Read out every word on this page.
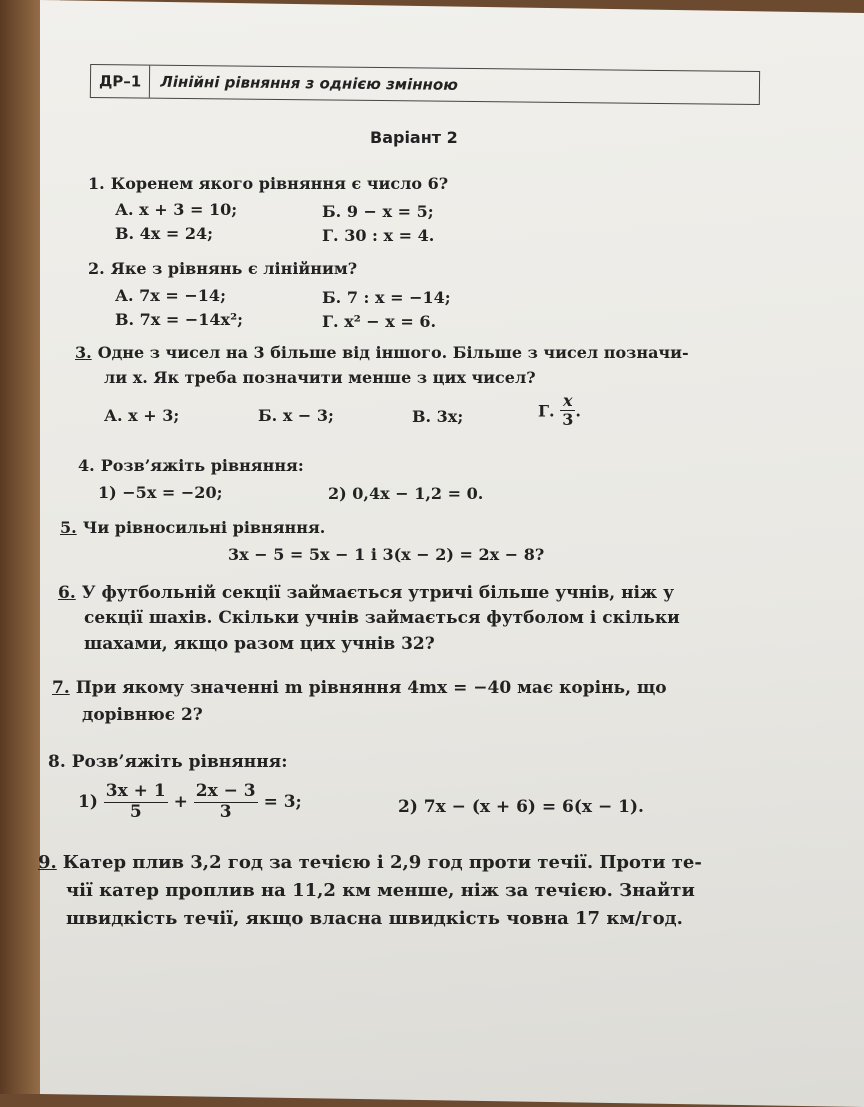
ДР–1	Лінійні рівняння з однією змінною
Варіант 2
1. Коренем якого рівняння є число 6?
А. x + 3 = 10;	Б. 9 − x = 5;
В. 4x = 24;	Г. 30 : x = 4.
2. Яке з рівнянь є лінійним?
А. 7x = −14;	Б. 7 : x = −14;
В. 7x = −14x²;	Г. x² − x = 6.
3. Одне з чисел на 3 більше від іншого. Більше з чисел позначи-
ли x. Як треба позначити менше з цих чисел?
А. x + 3;	Б. x − 3;	В. 3x;	Г. $\frac{x}{3}$ .
4. Розв’яжіть рівняння:
1) −5x = −20;	2) 0,4x − 1,2 = 0.
5. Чи рівносильні рівняння.
3x − 5 = 5x − 1 і 3(x − 2) = 2x − 8?
6. У футбольній секції займається утричі більше учнів, ніж у
секції шахів. Скільки учнів займається футболом і скільки
шахами, якщо разом цих учнів 32?
7. При якому значенні m рівняння 4mx = −40 має корінь, що
дорівнює 2?
8. Розв’яжіть рівняння:
$1) \frac{3x + 1}{5} + \frac{2x - 3}{3} = 3$;	2) 7x − (x + 6) = 6(x − 1).
9. Катер плив 3,2 год за течією і 2,9 год проти течії. Проти те-
чії катер проплив на 11,2 км менше, ніж за течією. Знайти
швидкість течії, якщо власна швидкість човна 17 км/год.
